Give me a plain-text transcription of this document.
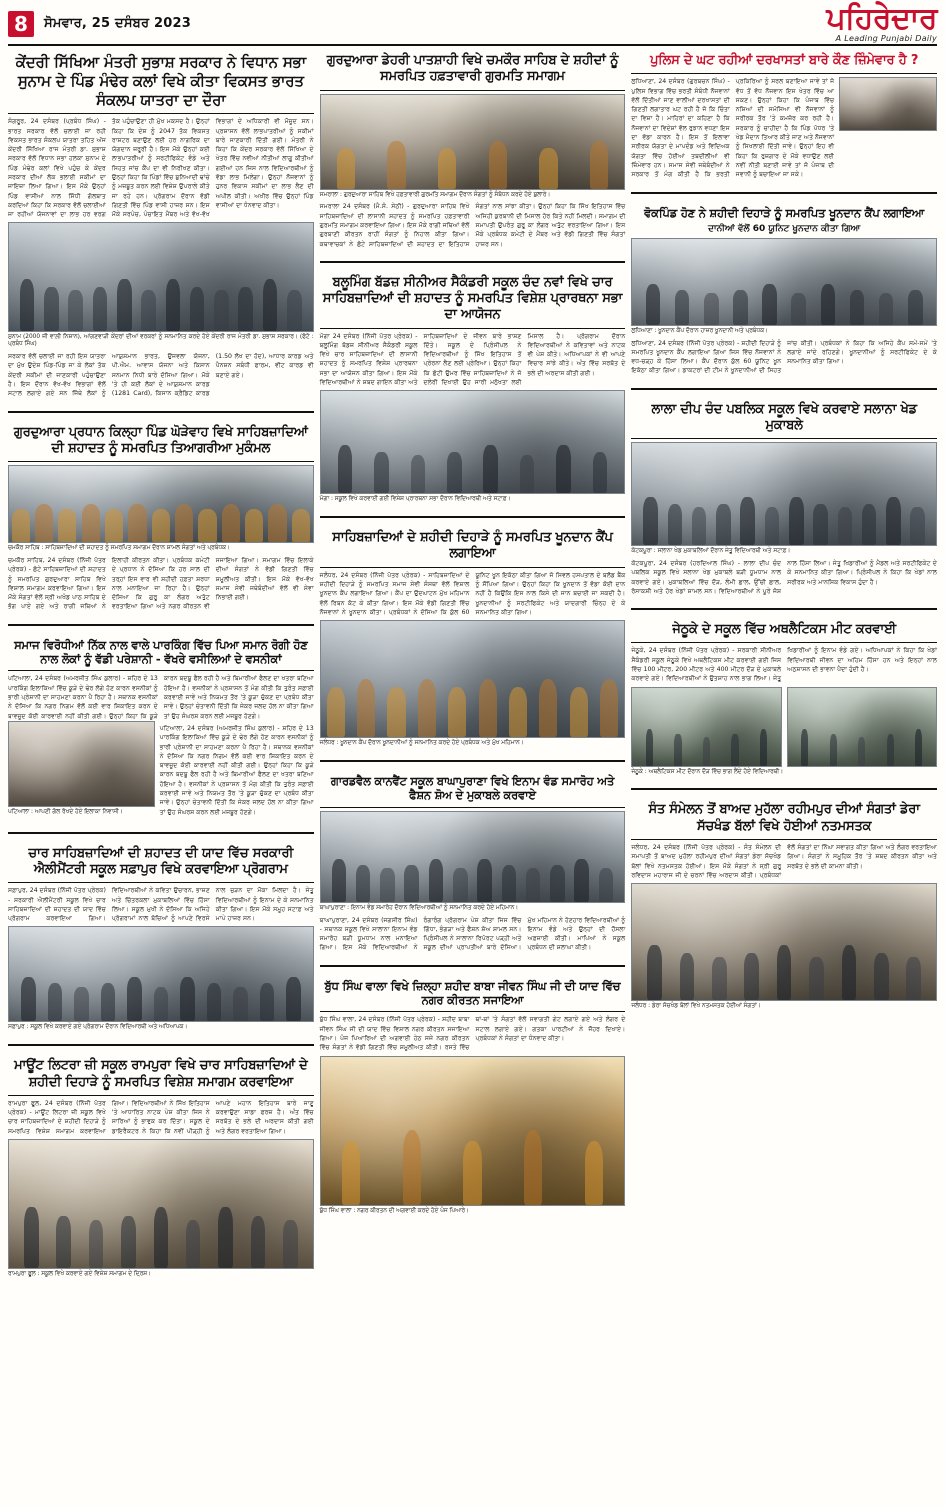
8	ਸੋਮਵਾਰ, 25 ਦਸੰਬਰ 2023	ਪਹਿਰੇਦਾਰ
A Leading Punjabi Daily
ਕੇਂਦਰੀ ਸਿੱਖਿਆ ਮੰਤਰੀ ਸੁਭਾਸ਼ ਸਰਕਾਰ ਨੇ ਵਿਧਾਨ ਸਭਾ ਸੁਨਾਮ ਦੇ ਪਿੰਡ ਮੰਢੇਰ ਕਲਾਂ ਵਿਖੇ ਕੀਤਾ ਵਿਕਸਤ ਭਾਰਤ ਸੰਕਲਪ ਯਾਤਰਾ ਦਾ ਦੌਰਾ
ਸੰਗਰੂਰ, 24 ਦਸੰਬਰ (ਪ੍ਰਬੰਧ ਸਿੰਘ) - ਭਾਰਤ ਸਰਕਾਰ ਵੱਲੋਂ ਚਲਾਈ ਜਾ ਰਹੀ ਵਿਕਸਤ ਭਾਰਤ ਸੰਕਲਪ ਯਾਤਰਾ ਤਹਿਤ ਅੱਜ ਕੇਂਦਰੀ ਸਿੱਖਿਆ ਰਾਜ ਮੰਤਰੀ ਡਾ. ਸੁਭਾਸ਼ ਸਰਕਾਰ ਵੱਲੋਂ ਵਿਧਾਨ ਸਭਾ ਹਲਕਾ ਸੁਨਾਮ ਦੇ ਪਿੰਡ ਮੰਢੇਰ ਕਲਾਂ ਵਿਖੇ ਪਹੁੰਚ ਕੇ ਕੇਂਦਰ ਸਰਕਾਰ ਦੀਆਂ ਲੋਕ ਭਲਾਈ ਸਕੀਮਾਂ ਦਾ ਜਾਇਜ਼ਾ ਲਿਆ ਗਿਆ। ਇਸ ਮੌਕੇ ਉਨ੍ਹਾਂ ਪਿੰਡ ਵਾਸੀਆਂ ਨਾਲ ਸਿੱਧੀ ਗੱਲਬਾਤ ਕਰਦਿਆਂ ਕਿਹਾ ਕਿ ਸਰਕਾਰ ਵੱਲੋਂ ਚਲਾਈਆਂ ਜਾ ਰਹੀਆਂ ਯੋਜਨਾਵਾਂ ਦਾ ਲਾਭ ਹਰ ਵਰਗ ਤੱਕ ਪਹੁੰਚਾਉਣਾ ਹੀ ਮੁੱਖ ਮਕਸਦ ਹੈ। ਉਨ੍ਹਾਂ ਕਿਹਾ ਕਿ ਦੇਸ਼ ਨੂੰ 2047 ਤੱਕ ਵਿਕਸਤ ਰਾਸ਼ਟਰ ਬਣਾਉਣ ਲਈ ਹਰ ਨਾਗਰਿਕ ਦਾ ਯੋਗਦਾਨ ਜ਼ਰੂਰੀ ਹੈ। ਇਸ ਮੌਕੇ ਉਨ੍ਹਾਂ ਕਈ ਲਾਭਪਾਤਰੀਆਂ ਨੂੰ ਸਰਟੀਫਿਕੇਟ ਵੰਡੇ ਅਤੇ ਸਿਹਤ ਜਾਂਚ ਕੈਂਪ ਦਾ ਵੀ ਨਿਰੀਖਣ ਕੀਤਾ। ਉਨ੍ਹਾਂ ਕਿਹਾ ਕਿ ਪਿੰਡਾਂ ਵਿੱਚ ਬੁਨਿਆਦੀ ਢਾਂਚੇ ਨੂੰ ਮਜ਼ਬੂਤ ਕਰਨ ਲਈ ਵਿਸ਼ੇਸ਼ ਉਪਰਾਲੇ ਕੀਤੇ ਜਾ ਰਹੇ ਹਨ। ਪ੍ਰੋਗਰਾਮ ਦੌਰਾਨ ਵੱਡੀ ਗਿਣਤੀ ਵਿੱਚ ਪਿੰਡ ਵਾਸੀ ਹਾਜ਼ਰ ਸਨ। ਇਸ ਮੌਕੇ ਸਰਪੰਚ, ਪੰਚਾਇਤ ਮੈਂਬਰ ਅਤੇ ਵੱਖ-ਵੱਖ ਵਿਭਾਗਾਂ ਦੇ ਅਧਿਕਾਰੀ ਵੀ ਮੌਜੂਦ ਸਨ। ਪ੍ਰਸ਼ਾਸਨ ਵੱਲੋਂ ਲਾਭਪਾਤਰੀਆਂ ਨੂੰ ਸਕੀਮਾਂ ਬਾਰੇ ਜਾਣਕਾਰੀ ਦਿੱਤੀ ਗਈ। ਮੰਤਰੀ ਨੇ ਕਿਹਾ ਕਿ ਕੇਂਦਰ ਸਰਕਾਰ ਵੱਲੋਂ ਸਿੱਖਿਆ ਦੇ ਖੇਤਰ ਵਿੱਚ ਨਵੀਆਂ ਨੀਤੀਆਂ ਲਾਗੂ ਕੀਤੀਆਂ ਗਈਆਂ ਹਨ ਜਿਸ ਨਾਲ ਵਿਦਿਆਰਥੀਆਂ ਨੂੰ ਵੱਡਾ ਲਾਭ ਮਿਲੇਗਾ। ਉਨ੍ਹਾਂ ਨੌਜਵਾਨਾਂ ਨੂੰ ਹੁਨਰ ਵਿਕਾਸ ਸਕੀਮਾਂ ਦਾ ਲਾਭ ਲੈਣ ਦੀ ਅਪੀਲ ਕੀਤੀ। ਅਖੀਰ ਵਿੱਚ ਉਨ੍ਹਾਂ ਪਿੰਡ ਵਾਸੀਆਂ ਦਾ ਧੰਨਵਾਦ ਕੀਤਾ।
ਸੁਨਾਮ (2000 ਜੀ ਵਾਲ਼ੀ ਨਿਸ਼ਾਨ), ਆਂਗਣਵਾੜੀ ਕੇਂਦਰਾਂ ਦੀਆਂ ਵਰਕਰਾਂ ਨੂੰ ਸਨਮਾਨਿਤ ਕਰਦੇ ਹੋਏ ਕੇਂਦਰੀ ਰਾਜ ਮੰਤਰੀ ਡਾ. ਸੁਭਾਸ਼ ਸਰਕਾਰ। (ਫੋਟੋ : ਪ੍ਰਬੰਧ ਸਿੰਘ)
ਸਰਕਾਰ ਵੱਲੋਂ ਚਲਾਈ ਜਾ ਰਹੀ ਇਸ ਯਾਤਰਾ ਦਾ ਮੁੱਖ ਉਦੇਸ਼ ਪਿੰਡ-ਪਿੰਡ ਜਾ ਕੇ ਲੋਕਾਂ ਤੱਕ ਕੇਂਦਰੀ ਸਕੀਮਾਂ ਦੀ ਜਾਣਕਾਰੀ ਪਹੁੰਚਾਉਣਾ ਹੈ। ਇਸ ਦੌਰਾਨ ਵੱਖ-ਵੱਖ ਵਿਭਾਗਾਂ ਵੱਲੋਂ ਸਟਾਲ ਲਗਾਏ ਗਏ ਸਨ ਜਿੱਥੇ ਲੋਕਾਂ ਨੂੰ ਆਯੁਸ਼ਮਾਨ ਭਾਰਤ, ਉਜਵਲਾ ਯੋਜਨਾ, ਪੀ.ਐਮ. ਆਵਾਸ ਯੋਜਨਾ ਅਤੇ ਕਿਸਾਨ ਸਨਮਾਨ ਨਿਧੀ ਬਾਰੇ ਦੱਸਿਆ ਗਿਆ। ਮੌਕੇ 'ਤੇ ਹੀ ਕਈ ਲੋਕਾਂ ਦੇ ਆਯੁਸ਼ਮਾਨ ਕਾਰਡ (1281 Card), ਕਿਸਾਨ ਕ੍ਰੈਡਿਟ ਕਾਰਡ (1.50 ਲੱਖ ਦਾ ਹੱਦ), ਆਧਾਰ ਕਾਰਡ ਅਤੇ ਪੈਨਸ਼ਨ ਸਬੰਧੀ ਫਾਰਮ, ਵੀਟ ਕਾਰਡ ਵੀ ਬਣਾਏ ਗਏ।
ਗੁਰਦੁਆਰਾ ਪ੍ਰਧਾਨ ਕਿਲ੍ਹਾ ਪਿੰਡ ਘੋੜੇਵਾਹ ਵਿਖੇ ਸਾਹਿਬਜ਼ਾਦਿਆਂ ਦੀ ਸ਼ਹਾਦਤ ਨੂੰ ਸਮਰਪਿਤ ਤਿਆਗਰੀਆ ਮੁਕੰਮਲ
ਚਮਕੌਰ ਸਾਹਿਬ : ਸਾਹਿਬਜ਼ਾਦਿਆਂ ਦੀ ਸ਼ਹਾਦਤ ਨੂੰ ਸਮਰਪਿਤ ਸਮਾਗਮ ਦੌਰਾਨ ਸ਼ਾਮਲ ਸੰਗਤਾਂ ਅਤੇ ਪ੍ਰਬੰਧਕ।
ਚਮਕੌਰ ਸਾਹਿਬ, 24 ਦਸੰਬਰ (ਨਿੱਜੀ ਪੱਤਰ ਪ੍ਰੇਰਕ) - ਛੋਟੇ ਸਾਹਿਬਜ਼ਾਦਿਆਂ ਦੀ ਸ਼ਹਾਦਤ ਨੂੰ ਸਮਰਪਿਤ ਗੁਰਦੁਆਰਾ ਸਾਹਿਬ ਵਿਖੇ ਵਿਸ਼ਾਲ ਸਮਾਗਮ ਕਰਵਾਇਆ ਗਿਆ। ਇਸ ਮੌਕੇ ਸੰਗਤਾਂ ਵੱਲੋਂ ਸ੍ਰੀ ਅਖੰਡ ਪਾਠ ਸਾਹਿਬ ਦੇ ਭੋਗ ਪਾਏ ਗਏ ਅਤੇ ਰਾਗੀ ਜਥਿਆਂ ਨੇ ਇਲਾਹੀ ਕੀਰਤਨ ਕੀਤਾ। ਪ੍ਰਬੰਧਕ ਕਮੇਟੀ ਦੇ ਪ੍ਰਧਾਨ ਨੇ ਦੱਸਿਆ ਕਿ ਹਰ ਸਾਲ ਦੀ ਤਰ੍ਹਾਂ ਇਸ ਵਾਰ ਵੀ ਸ਼ਹੀਦੀ ਹਫ਼ਤਾ ਸ਼ਰਧਾ ਨਾਲ ਮਨਾਇਆ ਜਾ ਰਿਹਾ ਹੈ। ਉਨ੍ਹਾਂ ਦੱਸਿਆ ਕਿ ਗੁਰੂ ਕਾ ਲੰਗਰ ਅਤੁੱਟ ਵਰਤਾਇਆ ਗਿਆ ਅਤੇ ਨਗਰ ਕੀਰਤਨ ਵੀ ਸਜਾਇਆ ਗਿਆ। ਸਮਾਗਮ ਵਿੱਚ ਇਲਾਕੇ ਦੀਆਂ ਸੰਗਤਾਂ ਨੇ ਵੱਡੀ ਗਿਣਤੀ ਵਿੱਚ ਸ਼ਮੂਲੀਅਤ ਕੀਤੀ। ਇਸ ਮੌਕੇ ਵੱਖ-ਵੱਖ ਸਮਾਜ ਸੇਵੀ ਜਥੇਬੰਦੀਆਂ ਵੱਲੋਂ ਵੀ ਸੇਵਾ ਨਿਭਾਈ ਗਈ।
ਸਮਾਜ ਵਿਰੋਧੀਆਂ ਨਿੱਕ ਨਾਲ ਵਾਲੇ ਪਾਰਕਿੰਗ ਵਿੱਚ ਪਿਆ ਸਮਾਨ ਰੋਗੀ ਹੋਣ ਨਾਲ ਲੋਕਾਂ ਨੂੰ ਵੱਡੀ ਪਰੇਸ਼ਾਨੀ - ਵੱਖਰੇ ਵਸੀਲਿਆਂ ਦੇ ਵਸਨੀਕਾਂ
ਪਟਿਆਲਾ, 24 ਦਸੰਬਰ (ਅਮਰਜੀਤ ਸਿੰਘ ਕੁਲਾਰ) - ਸ਼ਹਿਰ ਦੇ 13 ਪਾਰਕਿੰਗ ਇਲਾਕਿਆਂ ਵਿੱਚ ਕੂੜੇ ਦੇ ਢੇਰ ਲੱਗੇ ਹੋਣ ਕਾਰਨ ਵਸਨੀਕਾਂ ਨੂੰ ਭਾਰੀ ਪ੍ਰੇਸ਼ਾਨੀ ਦਾ ਸਾਹਮਣਾ ਕਰਨਾ ਪੈ ਰਿਹਾ ਹੈ। ਸਥਾਨਕ ਵਸਨੀਕਾਂ ਨੇ ਦੱਸਿਆ ਕਿ ਨਗਰ ਨਿਗਮ ਵੱਲੋਂ ਕਈ ਵਾਰ ਸ਼ਿਕਾਇਤ ਕਰਨ ਦੇ ਬਾਵਜੂਦ ਕੋਈ ਕਾਰਵਾਈ ਨਹੀਂ ਕੀਤੀ ਗਈ। ਉਨ੍ਹਾਂ ਕਿਹਾ ਕਿ ਕੂੜੇ ਕਾਰਨ ਬਦਬੂ ਫੈਲ ਰਹੀ ਹੈ ਅਤੇ ਬਿਮਾਰੀਆਂ ਫੈਲਣ ਦਾ ਖਤਰਾ ਬਣਿਆ ਹੋਇਆ ਹੈ। ਵਸਨੀਕਾਂ ਨੇ ਪ੍ਰਸ਼ਾਸਨ ਤੋਂ ਮੰਗ ਕੀਤੀ ਕਿ ਤੁਰੰਤ ਸਫ਼ਾਈ ਕਰਵਾਈ ਜਾਵੇ ਅਤੇ ਨਿਯਮਤ ਤੌਰ 'ਤੇ ਕੂੜਾ ਚੁੱਕਣ ਦਾ ਪ੍ਰਬੰਧ ਕੀਤਾ ਜਾਵੇ। ਉਨ੍ਹਾਂ ਚੇਤਾਵਨੀ ਦਿੱਤੀ ਕਿ ਜੇਕਰ ਜਲਦ ਹੱਲ ਨਾ ਕੀਤਾ ਗਿਆ ਤਾਂ ਉਹ ਸੰਘਰਸ਼ ਕਰਨ ਲਈ ਮਜਬੂਰ ਹੋਣਗੇ।
ਪਟਿਆਲਾ : ਆਪਣੀ ਗੱਲ ਰੱਖਦੇ ਹੋਏ ਇਲਾਕਾ ਨਿਵਾਸੀ।
ਪਟਿਆਲਾ, 24 ਦਸੰਬਰ (ਅਮਰਜੀਤ ਸਿੰਘ ਕੁਲਾਰ) - ਸ਼ਹਿਰ ਦੇ 13 ਪਾਰਕਿੰਗ ਇਲਾਕਿਆਂ ਵਿੱਚ ਕੂੜੇ ਦੇ ਢੇਰ ਲੱਗੇ ਹੋਣ ਕਾਰਨ ਵਸਨੀਕਾਂ ਨੂੰ ਭਾਰੀ ਪ੍ਰੇਸ਼ਾਨੀ ਦਾ ਸਾਹਮਣਾ ਕਰਨਾ ਪੈ ਰਿਹਾ ਹੈ। ਸਥਾਨਕ ਵਸਨੀਕਾਂ ਨੇ ਦੱਸਿਆ ਕਿ ਨਗਰ ਨਿਗਮ ਵੱਲੋਂ ਕਈ ਵਾਰ ਸ਼ਿਕਾਇਤ ਕਰਨ ਦੇ ਬਾਵਜੂਦ ਕੋਈ ਕਾਰਵਾਈ ਨਹੀਂ ਕੀਤੀ ਗਈ। ਉਨ੍ਹਾਂ ਕਿਹਾ ਕਿ ਕੂੜੇ ਕਾਰਨ ਬਦਬੂ ਫੈਲ ਰਹੀ ਹੈ ਅਤੇ ਬਿਮਾਰੀਆਂ ਫੈਲਣ ਦਾ ਖਤਰਾ ਬਣਿਆ ਹੋਇਆ ਹੈ। ਵਸਨੀਕਾਂ ਨੇ ਪ੍ਰਸ਼ਾਸਨ ਤੋਂ ਮੰਗ ਕੀਤੀ ਕਿ ਤੁਰੰਤ ਸਫ਼ਾਈ ਕਰਵਾਈ ਜਾਵੇ ਅਤੇ ਨਿਯਮਤ ਤੌਰ 'ਤੇ ਕੂੜਾ ਚੁੱਕਣ ਦਾ ਪ੍ਰਬੰਧ ਕੀਤਾ ਜਾਵੇ। ਉਨ੍ਹਾਂ ਚੇਤਾਵਨੀ ਦਿੱਤੀ ਕਿ ਜੇਕਰ ਜਲਦ ਹੱਲ ਨਾ ਕੀਤਾ ਗਿਆ ਤਾਂ ਉਹ ਸੰਘਰਸ਼ ਕਰਨ ਲਈ ਮਜਬੂਰ ਹੋਣਗੇ।
ਚਾਰ ਸਾਹਿਬਜ਼ਾਦਿਆਂ ਦੀ ਸ਼ਹਾਦਤ ਦੀ ਯਾਦ ਵਿੱਚ ਸਰਕਾਰੀ ਐਲੀਮੈਂਟਰੀ ਸਕੂਲ ਸਫ਼ਾਪੁਰ ਵਿਖੇ ਕਰਵਾਇਆ ਪ੍ਰੋਗਰਾਮ
ਸਫ਼ਾਪੁਰ, 24 ਦਸੰਬਰ (ਨਿੱਜੀ ਪੱਤਰ ਪ੍ਰੇਰਕ) - ਸਰਕਾਰੀ ਐਲੀਮੈਂਟਰੀ ਸਕੂਲ ਵਿਖੇ ਚਾਰ ਸਾਹਿਬਜ਼ਾਦਿਆਂ ਦੀ ਸ਼ਹਾਦਤ ਦੀ ਯਾਦ ਵਿੱਚ ਪ੍ਰੋਗਰਾਮ ਕਰਵਾਇਆ ਗਿਆ। ਵਿਦਿਆਰਥੀਆਂ ਨੇ ਕਵਿਤਾ ਉਚਾਰਨ, ਭਾਸ਼ਣ ਅਤੇ ਚਿੱਤਰਕਲਾ ਮੁਕਾਬਲਿਆਂ ਵਿੱਚ ਹਿੱਸਾ ਲਿਆ। ਸਕੂਲ ਮੁਖੀ ਨੇ ਦੱਸਿਆ ਕਿ ਅਜਿਹੇ ਪ੍ਰੋਗਰਾਮਾਂ ਨਾਲ ਬੱਚਿਆਂ ਨੂੰ ਆਪਣੇ ਵਿਰਸੇ ਨਾਲ ਜੁੜਨ ਦਾ ਮੌਕਾ ਮਿਲਦਾ ਹੈ। ਜੇਤੂ ਵਿਦਿਆਰਥੀਆਂ ਨੂੰ ਇਨਾਮ ਦੇ ਕੇ ਸਨਮਾਨਿਤ ਕੀਤਾ ਗਿਆ। ਇਸ ਮੌਕੇ ਸਮੂਹ ਸਟਾਫ਼ ਅਤੇ ਮਾਪੇ ਹਾਜ਼ਰ ਸਨ।
ਸਫ਼ਾਪੁਰ : ਸਕੂਲ ਵਿਖੇ ਕਰਵਾਏ ਗਏ ਪ੍ਰੋਗਰਾਮ ਦੌਰਾਨ ਵਿਦਿਆਰਥੀ ਅਤੇ ਅਧਿਆਪਕ।
ਮਾਊਂਟ ਲਿਟਰਾ ਜ਼ੀ ਸਕੂਲ ਰਾਮਪੁਰਾ ਵਿਖੇ ਚਾਰ ਸਾਹਿਬਜ਼ਾਦਿਆਂ ਦੇ ਸ਼ਹੀਦੀ ਦਿਹਾੜੇ ਨੂੰ ਸਮਰਪਿਤ ਵਿਸ਼ੇਸ਼ ਸਮਾਗਮ ਕਰਵਾਇਆ
ਰਾਮਪੁਰਾ ਫੂਲ, 24 ਦਸੰਬਰ (ਨਿੱਜੀ ਪੱਤਰ ਪ੍ਰੇਰਕ) - ਮਾਊਂਟ ਲਿਟਰਾ ਜ਼ੀ ਸਕੂਲ ਵਿਖੇ ਚਾਰ ਸਾਹਿਬਜ਼ਾਦਿਆਂ ਦੇ ਸ਼ਹੀਦੀ ਦਿਹਾੜੇ ਨੂੰ ਸਮਰਪਿਤ ਵਿਸ਼ੇਸ਼ ਸਮਾਗਮ ਕਰਵਾਇਆ ਗਿਆ। ਵਿਦਿਆਰਥੀਆਂ ਨੇ ਸਿੱਖ ਇਤਿਹਾਸ 'ਤੇ ਆਧਾਰਿਤ ਨਾਟਕ ਪੇਸ਼ ਕੀਤਾ ਜਿਸ ਨੇ ਸਾਰਿਆਂ ਨੂੰ ਭਾਵੁਕ ਕਰ ਦਿੱਤਾ। ਸਕੂਲ ਦੇ ਡਾਇਰੈਕਟਰ ਨੇ ਕਿਹਾ ਕਿ ਨਵੀਂ ਪੀੜ੍ਹੀ ਨੂੰ ਆਪਣੇ ਮਹਾਨ ਇਤਿਹਾਸ ਬਾਰੇ ਜਾਣੂ ਕਰਵਾਉਣਾ ਸਾਡਾ ਫਰਜ਼ ਹੈ। ਅੰਤ ਵਿੱਚ ਸਰਬੱਤ ਦੇ ਭਲੇ ਦੀ ਅਰਦਾਸ ਕੀਤੀ ਗਈ ਅਤੇ ਲੰਗਰ ਵਰਤਾਇਆ ਗਿਆ।
ਰਾਮਪੁਰਾ ਫੂਲ : ਸਕੂਲ ਵਿਖੇ ਕਰਵਾਏ ਗਏ ਵਿਸ਼ੇਸ਼ ਸਮਾਗਮ ਦੇ ਦ੍ਰਿਸ਼।
ਗੁਰਦੁਆਰਾ ਡੇਹਰੀ ਪਾਤਸ਼ਾਹੀ ਵਿਖੇ ਚਮਕੌਰ ਸਾਹਿਬ ਦੇ ਸ਼ਹੀਦਾਂ ਨੂੰ ਸਮਰਪਿਤ ਹਫ਼ਤਾਵਾਰੀ ਗੁਰਮਤਿ ਸਮਾਗਮ
ਸਮਰਾਲਾ : ਗੁਰਦੁਆਰਾ ਸਾਹਿਬ ਵਿਖੇ ਹਫ਼ਤਾਵਾਰੀ ਗੁਰਮਤਿ ਸਮਾਗਮ ਦੌਰਾਨ ਸੰਗਤਾਂ ਨੂੰ ਸੰਬੋਧਨ ਕਰਦੇ ਹੋਏ ਬੁਲਾਰੇ।
ਸਮਰਾਲਾ 24 ਦਸੰਬਰ (ਮੈ.ਸੰ. ਸੇਠੀ) - ਗੁਰਦੁਆਰਾ ਸਾਹਿਬ ਵਿਖੇ ਸਾਹਿਬਜ਼ਾਦਿਆਂ ਦੀ ਲਾਸਾਨੀ ਸ਼ਹਾਦਤ ਨੂੰ ਸਮਰਪਿਤ ਹਫ਼ਤਾਵਾਰੀ ਗੁਰਮਤਿ ਸਮਾਗਮ ਕਰਵਾਇਆ ਗਿਆ। ਇਸ ਮੌਕੇ ਰਾਗੀ ਜਥਿਆਂ ਵੱਲੋਂ ਗੁਰਬਾਣੀ ਕੀਰਤਨ ਰਾਹੀਂ ਸੰਗਤਾਂ ਨੂੰ ਨਿਹਾਲ ਕੀਤਾ ਗਿਆ। ਕਥਾਵਾਚਕਾਂ ਨੇ ਛੋਟੇ ਸਾਹਿਬਜ਼ਾਦਿਆਂ ਦੀ ਸ਼ਹਾਦਤ ਦਾ ਇਤਿਹਾਸ ਸੰਗਤਾਂ ਨਾਲ ਸਾਂਝਾ ਕੀਤਾ। ਉਨ੍ਹਾਂ ਕਿਹਾ ਕਿ ਸਿੱਖ ਇਤਿਹਾਸ ਵਿੱਚ ਅਜਿਹੀ ਕੁਰਬਾਨੀ ਦੀ ਮਿਸਾਲ ਹੋਰ ਕਿਤੇ ਨਹੀਂ ਮਿਲਦੀ। ਸਮਾਗਮ ਦੀ ਸਮਾਪਤੀ ਉਪਰੰਤ ਗੁਰੂ ਕਾ ਲੰਗਰ ਅਤੁੱਟ ਵਰਤਾਇਆ ਗਿਆ। ਇਸ ਮੌਕੇ ਪ੍ਰਬੰਧਕ ਕਮੇਟੀ ਦੇ ਮੈਂਬਰ ਅਤੇ ਵੱਡੀ ਗਿਣਤੀ ਵਿੱਚ ਸੰਗਤਾਂ ਹਾਜ਼ਰ ਸਨ।
ਬਲੂਮਿੰਗ ਬੱਡਜ਼ ਸੀਨੀਅਰ ਸੈਕੰਡਰੀ ਸਕੂਲ ਚੰਦ ਨਵਾਂ ਵਿਖੇ ਚਾਰ ਸਾਹਿਬਜ਼ਾਦਿਆਂ ਦੀ ਸ਼ਹਾਦਤ ਨੂੰ ਸਮਰਪਿਤ ਵਿਸ਼ੇਸ਼ ਪ੍ਰਾਰਥਨਾ ਸਭਾ ਦਾ ਆਯੋਜਨ
ਮੋਗਾ 24 ਦਸੰਬਰ (ਨਿੱਜੀ ਪੱਤਰ ਪ੍ਰੇਰਕ) - ਬਲੂਮਿੰਗ ਬੱਡਜ਼ ਸੀਨੀਅਰ ਸੈਕੰਡਰੀ ਸਕੂਲ ਵਿਖੇ ਚਾਰ ਸਾਹਿਬਜ਼ਾਦਿਆਂ ਦੀ ਲਾਸਾਨੀ ਸ਼ਹਾਦਤ ਨੂੰ ਸਮਰਪਿਤ ਵਿਸ਼ੇਸ਼ ਪ੍ਰਾਰਥਨਾ ਸਭਾ ਦਾ ਆਯੋਜਨ ਕੀਤਾ ਗਿਆ। ਇਸ ਮੌਕੇ ਵਿਦਿਆਰਥੀਆਂ ਨੇ ਸ਼ਬਦ ਗਾਇਨ ਕੀਤਾ ਅਤੇ ਸਾਹਿਬਜ਼ਾਦਿਆਂ ਦੇ ਜੀਵਨ ਬਾਰੇ ਭਾਸ਼ਣ ਦਿੱਤੇ। ਸਕੂਲ ਦੇ ਪ੍ਰਿੰਸੀਪਲ ਨੇ ਵਿਦਿਆਰਥੀਆਂ ਨੂੰ ਸਿੱਖ ਇਤਿਹਾਸ ਤੋਂ ਪ੍ਰੇਰਨਾ ਲੈਣ ਲਈ ਪ੍ਰੇਰਿਆ। ਉਨ੍ਹਾਂ ਕਿਹਾ ਕਿ ਛੋਟੀ ਉਮਰ ਵਿੱਚ ਸਾਹਿਬਜ਼ਾਦਿਆਂ ਨੇ ਜੋ ਦਲੇਰੀ ਦਿਖਾਈ ਉਹ ਸਾਰੀ ਮਨੁੱਖਤਾ ਲਈ ਮਿਸਾਲ ਹੈ। ਪ੍ਰੋਗਰਾਮ ਦੌਰਾਨ ਵਿਦਿਆਰਥੀਆਂ ਨੇ ਕਵਿਤਾਵਾਂ ਅਤੇ ਨਾਟਕ ਵੀ ਪੇਸ਼ ਕੀਤੇ। ਅਧਿਆਪਕਾਂ ਨੇ ਵੀ ਆਪਣੇ ਵਿਚਾਰ ਸਾਂਝੇ ਕੀਤੇ। ਅੰਤ ਵਿੱਚ ਸਰਬੱਤ ਦੇ ਭਲੇ ਦੀ ਅਰਦਾਸ ਕੀਤੀ ਗਈ।
ਮੋਗਾ : ਸਕੂਲ ਵਿਖੇ ਕਰਵਾਈ ਗਈ ਵਿਸ਼ੇਸ਼ ਪ੍ਰਾਰਥਨਾ ਸਭਾ ਦੌਰਾਨ ਵਿਦਿਆਰਥੀ ਅਤੇ ਸਟਾਫ਼।
ਸਾਹਿਬਜ਼ਾਦਿਆਂ ਦੇ ਸ਼ਹੀਦੀ ਦਿਹਾੜੇ ਨੂੰ ਸਮਰਪਿਤ ਖੂਨਦਾਨ ਕੈਂਪ ਲਗਾਇਆ
ਜਲੰਧਰ, 24 ਦਸੰਬਰ (ਨਿੱਜੀ ਪੱਤਰ ਪ੍ਰੇਰਕ) - ਸਾਹਿਬਜ਼ਾਦਿਆਂ ਦੇ ਸ਼ਹੀਦੀ ਦਿਹਾੜੇ ਨੂੰ ਸਮਰਪਿਤ ਸਮਾਜ ਸੇਵੀ ਸੰਸਥਾ ਵੱਲੋਂ ਵਿਸ਼ਾਲ ਖੂਨਦਾਨ ਕੈਂਪ ਲਗਾਇਆ ਗਿਆ। ਕੈਂਪ ਦਾ ਉਦਘਾਟਨ ਮੁੱਖ ਮਹਿਮਾਨ ਵੱਲੋਂ ਰਿਬਨ ਕੱਟ ਕੇ ਕੀਤਾ ਗਿਆ। ਇਸ ਮੌਕੇ ਵੱਡੀ ਗਿਣਤੀ ਵਿੱਚ ਨੌਜਵਾਨਾਂ ਨੇ ਖੂਨਦਾਨ ਕੀਤਾ। ਪ੍ਰਬੰਧਕਾਂ ਨੇ ਦੱਸਿਆ ਕਿ ਕੁੱਲ 60 ਯੂਨਿਟ ਖੂਨ ਇਕੱਠਾ ਕੀਤਾ ਗਿਆ ਜੋ ਸਿਵਲ ਹਸਪਤਾਲ ਦੇ ਬਲੱਡ ਬੈਂਕ ਨੂੰ ਸੌਂਪਿਆ ਗਿਆ। ਉਨ੍ਹਾਂ ਕਿਹਾ ਕਿ ਖੂਨਦਾਨ ਤੋਂ ਵੱਡਾ ਕੋਈ ਦਾਨ ਨਹੀਂ ਹੈ ਕਿਉਂਕਿ ਇਸ ਨਾਲ ਕਿਸੇ ਦੀ ਜਾਨ ਬਚਾਈ ਜਾ ਸਕਦੀ ਹੈ। ਖੂਨਦਾਨੀਆਂ ਨੂੰ ਸਰਟੀਫਿਕੇਟ ਅਤੇ ਯਾਦਗਾਰੀ ਚਿੰਨ੍ਹ ਦੇ ਕੇ ਸਨਮਾਨਿਤ ਕੀਤਾ ਗਿਆ।
ਜਲੰਧਰ : ਖੂਨਦਾਨ ਕੈਂਪ ਦੌਰਾਨ ਖੂਨਦਾਨੀਆਂ ਨੂੰ ਸਨਮਾਨਿਤ ਕਰਦੇ ਹੋਏ ਪ੍ਰਬੰਧਕ ਅਤੇ ਮੁੱਖ ਮਹਿਮਾਨ।
ਗਾਰਡਵੈਲ ਕਾਨਵੈਂਟ ਸਕੂਲ ਬਾਘਾਪੁਰਾਣਾ ਵਿਖੇ ਇਨਾਮ ਵੰਡ ਸਮਾਰੋਹ ਅਤੇ ਫੈਸ਼ਨ ਸ਼ੋਅ ਦੇ ਮੁਕਾਬਲੇ ਕਰਵਾਏ
ਬਾਘਾਪੁਰਾਣਾ : ਇਨਾਮ ਵੰਡ ਸਮਾਰੋਹ ਦੌਰਾਨ ਵਿਦਿਆਰਥੀਆਂ ਨੂੰ ਸਨਮਾਨਿਤ ਕਰਦੇ ਹੋਏ ਮਹਿਮਾਨ।
ਬਾਘਾਪੁਰਾਣਾ, 24 ਦਸੰਬਰ (ਜਗਸੀਰ ਸਿੰਘ) - ਸਥਾਨਕ ਸਕੂਲ ਵਿਖੇ ਸਾਲਾਨਾ ਇਨਾਮ ਵੰਡ ਸਮਾਰੋਹ ਬੜੀ ਧੂਮਧਾਮ ਨਾਲ ਮਨਾਇਆ ਗਿਆ। ਇਸ ਮੌਕੇ ਵਿਦਿਆਰਥੀਆਂ ਨੇ ਰੰਗਾਰੰਗ ਪ੍ਰੋਗਰਾਮ ਪੇਸ਼ ਕੀਤਾ ਜਿਸ ਵਿੱਚ ਗਿੱਧਾ, ਭੰਗੜਾ ਅਤੇ ਫੈਸ਼ਨ ਸ਼ੋਅ ਸ਼ਾਮਲ ਸਨ। ਪ੍ਰਿੰਸੀਪਲ ਨੇ ਸਾਲਾਨਾ ਰਿਪੋਰਟ ਪੜ੍ਹੀ ਅਤੇ ਸਕੂਲ ਦੀਆਂ ਪ੍ਰਾਪਤੀਆਂ ਬਾਰੇ ਦੱਸਿਆ। ਮੁੱਖ ਮਹਿਮਾਨ ਨੇ ਹੋਣਹਾਰ ਵਿਦਿਆਰਥੀਆਂ ਨੂੰ ਇਨਾਮ ਵੰਡੇ ਅਤੇ ਉਨ੍ਹਾਂ ਦੀ ਹੌਸਲਾ ਅਫ਼ਜ਼ਾਈ ਕੀਤੀ। ਮਾਪਿਆਂ ਨੇ ਸਕੂਲ ਪ੍ਰਬੰਧਨ ਦੀ ਸ਼ਲਾਘਾ ਕੀਤੀ।
ਬੁੱਧ ਸਿੰਘ ਵਾਲਾ ਵਿਖੇ ਜ਼ਿਲ੍ਹਾ ਸ਼ਹੀਦ ਬਾਬਾ ਜੀਵਨ ਸਿੰਘ ਜੀ ਦੀ ਯਾਦ ਵਿੱਚ ਨਗਰ ਕੀਰਤਨ ਸਜਾਇਆ
ਬੁੱਧ ਸਿੰਘ ਵਾਲਾ, 24 ਦਸੰਬਰ (ਨਿੱਜੀ ਪੱਤਰ ਪ੍ਰੇਰਕ) - ਸ਼ਹੀਦ ਬਾਬਾ ਜੀਵਨ ਸਿੰਘ ਜੀ ਦੀ ਯਾਦ ਵਿੱਚ ਵਿਸ਼ਾਲ ਨਗਰ ਕੀਰਤਨ ਸਜਾਇਆ ਗਿਆ। ਪੰਜ ਪਿਆਰਿਆਂ ਦੀ ਅਗਵਾਈ ਹੇਠ ਸਜੇ ਨਗਰ ਕੀਰਤਨ ਵਿੱਚ ਸੰਗਤਾਂ ਨੇ ਵੱਡੀ ਗਿਣਤੀ ਵਿੱਚ ਸ਼ਮੂਲੀਅਤ ਕੀਤੀ। ਰਸਤੇ ਵਿੱਚ ਥਾਂ-ਥਾਂ 'ਤੇ ਸੰਗਤਾਂ ਵੱਲੋਂ ਸਵਾਗਤੀ ਗੇਟ ਲਗਾਏ ਗਏ ਅਤੇ ਲੰਗਰ ਦੇ ਸਟਾਲ ਲਗਾਏ ਗਏ। ਗਤਕਾ ਪਾਰਟੀਆਂ ਨੇ ਜੌਹਰ ਦਿਖਾਏ। ਪ੍ਰਬੰਧਕਾਂ ਨੇ ਸੰਗਤਾਂ ਦਾ ਧੰਨਵਾਦ ਕੀਤਾ।
ਬੁੱਧ ਸਿੰਘ ਵਾਲਾ : ਨਗਰ ਕੀਰਤਨ ਦੀ ਅਗਵਾਈ ਕਰਦੇ ਹੋਏ ਪੰਜ ਪਿਆਰੇ।
ਪੁਲਿਸ ਦੇ ਘਟ ਰਹੀਆਂ ਦਰਖਾਸਤਾਂ ਬਾਰੇ ਕੌਣ ਜ਼ਿੰਮੇਵਾਰ ਹੈ ?
ਲੁਧਿਆਣਾ, 24 ਦਸੰਬਰ (ਗੁਰਬਚਨ ਸਿੰਘ) - ਪੁਲਿਸ ਵਿਭਾਗ ਵਿੱਚ ਭਰਤੀ ਸੰਬੰਧੀ ਨੌਜਵਾਨਾਂ ਵੱਲੋਂ ਦਿੱਤੀਆਂ ਜਾਣ ਵਾਲੀਆਂ ਦਰਖਾਸਤਾਂ ਦੀ ਗਿਣਤੀ ਲਗਾਤਾਰ ਘਟ ਰਹੀ ਹੈ ਜੋ ਕਿ ਚਿੰਤਾ ਦਾ ਵਿਸ਼ਾ ਹੈ। ਮਾਹਿਰਾਂ ਦਾ ਕਹਿਣਾ ਹੈ ਕਿ ਨੌਜਵਾਨਾਂ ਦਾ ਵਿਦੇਸ਼ਾਂ ਵੱਲ ਰੁਝਾਨ ਵਧਣਾ ਇਸ ਦਾ ਵੱਡਾ ਕਾਰਨ ਹੈ। ਇਸ ਤੋਂ ਇਲਾਵਾ ਸਰੀਰਕ ਯੋਗਤਾ ਦੇ ਮਾਪਦੰਡ ਅਤੇ ਵਿਦਿਅਕ ਯੋਗਤਾ ਵਿੱਚ ਹੋਈਆਂ ਤਬਦੀਲੀਆਂ ਵੀ ਜ਼ਿੰਮੇਵਾਰ ਹਨ। ਸਮਾਜ ਸੇਵੀ ਜਥੇਬੰਦੀਆਂ ਨੇ ਸਰਕਾਰ ਤੋਂ ਮੰਗ ਕੀਤੀ ਹੈ ਕਿ ਭਰਤੀ ਪ੍ਰਕਿਰਿਆ ਨੂੰ ਸਰਲ ਬਣਾਇਆ ਜਾਵੇ ਤਾਂ ਜੋ ਵੱਧ ਤੋਂ ਵੱਧ ਨੌਜਵਾਨ ਇਸ ਖੇਤਰ ਵਿੱਚ ਆ ਸਕਣ। ਉਨ੍ਹਾਂ ਕਿਹਾ ਕਿ ਪੰਜਾਬ ਵਿੱਚ ਨਸ਼ਿਆਂ ਦੀ ਸਮੱਸਿਆ ਵੀ ਨੌਜਵਾਨਾਂ ਨੂੰ ਸਰੀਰਕ ਤੌਰ 'ਤੇ ਕਮਜ਼ੋਰ ਕਰ ਰਹੀ ਹੈ। ਸਰਕਾਰ ਨੂੰ ਚਾਹੀਦਾ ਹੈ ਕਿ ਪਿੰਡ ਪੱਧਰ 'ਤੇ ਖੇਡ ਮੈਦਾਨ ਤਿਆਰ ਕੀਤੇ ਜਾਣ ਅਤੇ ਨੌਜਵਾਨਾਂ ਨੂੰ ਸਿਖਲਾਈ ਦਿੱਤੀ ਜਾਵੇ। ਉਨ੍ਹਾਂ ਇਹ ਵੀ ਕਿਹਾ ਕਿ ਰੁਜ਼ਗਾਰ ਦੇ ਮੌਕੇ ਵਧਾਉਣ ਲਈ ਨਵੀਂ ਨੀਤੀ ਬਣਾਈ ਜਾਵੇ ਤਾਂ ਜੋ ਪੰਜਾਬ ਦੀ ਜਵਾਨੀ ਨੂੰ ਬਚਾਇਆ ਜਾ ਸਕੇ।
ਵੋਕਪਿੰਡ ਹੋਣ ਨੇ ਸ਼ਹੀਦੀ ਦਿਹਾੜੇ ਨੂੰ ਸਮਰਪਿਤ ਖੂਨਦਾਨ ਕੈਂਪ ਲਗਾਇਆ
ਦਾਨੀਆਂ ਵੱਲੋਂ 60 ਯੂਨਿਟ ਖੂਨਦਾਨ ਕੀਤਾ ਗਿਆ
ਲੁਧਿਆਣਾ : ਖੂਨਦਾਨ ਕੈਂਪ ਦੌਰਾਨ ਹਾਜ਼ਰ ਖੂਨਦਾਨੀ ਅਤੇ ਪ੍ਰਬੰਧਕ।
ਲੁਧਿਆਣਾ, 24 ਦਸੰਬਰ (ਨਿੱਜੀ ਪੱਤਰ ਪ੍ਰੇਰਕ) - ਸ਼ਹੀਦੀ ਦਿਹਾੜੇ ਨੂੰ ਸਮਰਪਿਤ ਖੂਨਦਾਨ ਕੈਂਪ ਲਗਾਇਆ ਗਿਆ ਜਿਸ ਵਿੱਚ ਨੌਜਵਾਨਾਂ ਨੇ ਵਧ-ਚੜ੍ਹ ਕੇ ਹਿੱਸਾ ਲਿਆ। ਕੈਂਪ ਦੌਰਾਨ ਕੁੱਲ 60 ਯੂਨਿਟ ਖੂਨ ਇਕੱਠਾ ਕੀਤਾ ਗਿਆ। ਡਾਕਟਰਾਂ ਦੀ ਟੀਮ ਨੇ ਖੂਨਦਾਨੀਆਂ ਦੀ ਸਿਹਤ ਜਾਂਚ ਕੀਤੀ। ਪ੍ਰਬੰਧਕਾਂ ਨੇ ਕਿਹਾ ਕਿ ਅਜਿਹੇ ਕੈਂਪ ਸਮੇਂ-ਸਮੇਂ 'ਤੇ ਲਗਾਏ ਜਾਂਦੇ ਰਹਿਣਗੇ। ਖੂਨਦਾਨੀਆਂ ਨੂੰ ਸਰਟੀਫਿਕੇਟ ਦੇ ਕੇ ਸਨਮਾਨਿਤ ਕੀਤਾ ਗਿਆ।
ਲਾਲਾ ਦੀਪ ਚੰਦ ਪਬਲਿਕ ਸਕੂਲ ਵਿਖੇ ਕਰਵਾਏ ਸਲਾਨਾ ਖੇਡ ਮੁਕਾਬਲੇ
ਕੋਟਕਪੂਰਾ : ਸਲਾਨਾ ਖੇਡ ਮੁਕਾਬਲਿਆਂ ਦੌਰਾਨ ਜੇਤੂ ਵਿਦਿਆਰਥੀ ਅਤੇ ਸਟਾਫ਼।
ਕੋਟਕਪੂਰਾ, 24 ਦਸੰਬਰ (ਹਰਦਿਆਲ ਸਿੰਘ) - ਲਾਲਾ ਦੀਪ ਚੰਦ ਪਬਲਿਕ ਸਕੂਲ ਵਿਖੇ ਸਲਾਨਾ ਖੇਡ ਮੁਕਾਬਲੇ ਬੜੀ ਧੂਮਧਾਮ ਨਾਲ ਕਰਵਾਏ ਗਏ। ਮੁਕਾਬਲਿਆਂ ਵਿੱਚ ਦੌੜ, ਲੰਮੀ ਛਾਲ, ਉੱਚੀ ਛਾਲ, ਰੱਸਾਕਸ਼ੀ ਅਤੇ ਹੋਰ ਖੇਡਾਂ ਸ਼ਾਮਲ ਸਨ। ਵਿਦਿਆਰਥੀਆਂ ਨੇ ਪੂਰੇ ਜੋਸ਼ ਨਾਲ ਹਿੱਸਾ ਲਿਆ। ਜੇਤੂ ਖਿਡਾਰੀਆਂ ਨੂੰ ਮੈਡਲ ਅਤੇ ਸਰਟੀਫਿਕੇਟ ਦੇ ਕੇ ਸਨਮਾਨਿਤ ਕੀਤਾ ਗਿਆ। ਪ੍ਰਿੰਸੀਪਲ ਨੇ ਕਿਹਾ ਕਿ ਖੇਡਾਂ ਨਾਲ ਸਰੀਰਕ ਅਤੇ ਮਾਨਸਿਕ ਵਿਕਾਸ ਹੁੰਦਾ ਹੈ।
ਜੇਠੂਕੇ ਦੇ ਸਕੂਲ ਵਿੱਚ ਅਥਲੈਟਿਕਸ ਮੀਟ ਕਰਵਾਈ
ਜੇਠੂਕੇ, 24 ਦਸੰਬਰ (ਨਿੱਜੀ ਪੱਤਰ ਪ੍ਰੇਰਕ) - ਸਰਕਾਰੀ ਸੀਨੀਅਰ ਸੈਕੰਡਰੀ ਸਕੂਲ ਜੇਠੂਕੇ ਵਿਖੇ ਅਥਲੈਟਿਕਸ ਮੀਟ ਕਰਵਾਈ ਗਈ ਜਿਸ ਵਿੱਚ 100 ਮੀਟਰ, 200 ਮੀਟਰ ਅਤੇ 400 ਮੀਟਰ ਦੌੜ ਦੇ ਮੁਕਾਬਲੇ ਕਰਵਾਏ ਗਏ। ਵਿਦਿਆਰਥੀਆਂ ਨੇ ਉਤਸ਼ਾਹ ਨਾਲ ਭਾਗ ਲਿਆ। ਜੇਤੂ ਖਿਡਾਰੀਆਂ ਨੂੰ ਇਨਾਮ ਵੰਡੇ ਗਏ। ਅਧਿਆਪਕਾਂ ਨੇ ਕਿਹਾ ਕਿ ਖੇਡਾਂ ਵਿਦਿਆਰਥੀ ਜੀਵਨ ਦਾ ਅਹਿਮ ਹਿੱਸਾ ਹਨ ਅਤੇ ਇਨ੍ਹਾਂ ਨਾਲ ਅਨੁਸ਼ਾਸਨ ਦੀ ਭਾਵਨਾ ਪੈਦਾ ਹੁੰਦੀ ਹੈ।
ਜੇਠੂਕੇ : ਅਥਲੈਟਿਕਸ ਮੀਟ ਦੌਰਾਨ ਦੌੜ ਵਿੱਚ ਭਾਗ ਲੈਂਦੇ ਹੋਏ ਵਿਦਿਆਰਥੀ।
ਸੰਤ ਸੰਮੇਲਨ ਤੋਂ ਬਾਅਦ ਮੁਹੱਲਾ ਰਹੀਮਪੁਰ ਦੀਆਂ ਸੰਗਤਾਂ ਡੇਰਾ ਸੱਚਖੰਡ ਬੱਲਾਂ ਵਿਖੇ ਹੋਈਆਂ ਨਤਮਸਤਕ
ਜਲੰਧਰ, 24 ਦਸੰਬਰ (ਨਿੱਜੀ ਪੱਤਰ ਪ੍ਰੇਰਕ) - ਸੰਤ ਸੰਮੇਲਨ ਦੀ ਸਮਾਪਤੀ ਤੋਂ ਬਾਅਦ ਮੁਹੱਲਾ ਰਹੀਮਪੁਰ ਦੀਆਂ ਸੰਗਤਾਂ ਡੇਰਾ ਸੱਚਖੰਡ ਬੱਲਾਂ ਵਿਖੇ ਨਤਮਸਤਕ ਹੋਈਆਂ। ਇਸ ਮੌਕੇ ਸੰਗਤਾਂ ਨੇ ਸ੍ਰੀ ਗੁਰੂ ਰਵਿਦਾਸ ਮਹਾਰਾਜ ਜੀ ਦੇ ਚਰਨਾਂ ਵਿੱਚ ਅਰਦਾਸ ਕੀਤੀ। ਪ੍ਰਬੰਧਕਾਂ ਵੱਲੋਂ ਸੰਗਤਾਂ ਦਾ ਨਿੱਘਾ ਸਵਾਗਤ ਕੀਤਾ ਗਿਆ ਅਤੇ ਲੰਗਰ ਵਰਤਾਇਆ ਗਿਆ। ਸੰਗਤਾਂ ਨੇ ਸਮੂਹਿਕ ਤੌਰ 'ਤੇ ਸ਼ਬਦ ਕੀਰਤਨ ਕੀਤਾ ਅਤੇ ਸਰਬੱਤ ਦੇ ਭਲੇ ਦੀ ਕਾਮਨਾ ਕੀਤੀ।
ਜਲੰਧਰ : ਡੇਰਾ ਸੱਚਖੰਡ ਬੱਲਾਂ ਵਿਖੇ ਨਤਮਸਤਕ ਹੋਈਆਂ ਸੰਗਤਾਂ।
